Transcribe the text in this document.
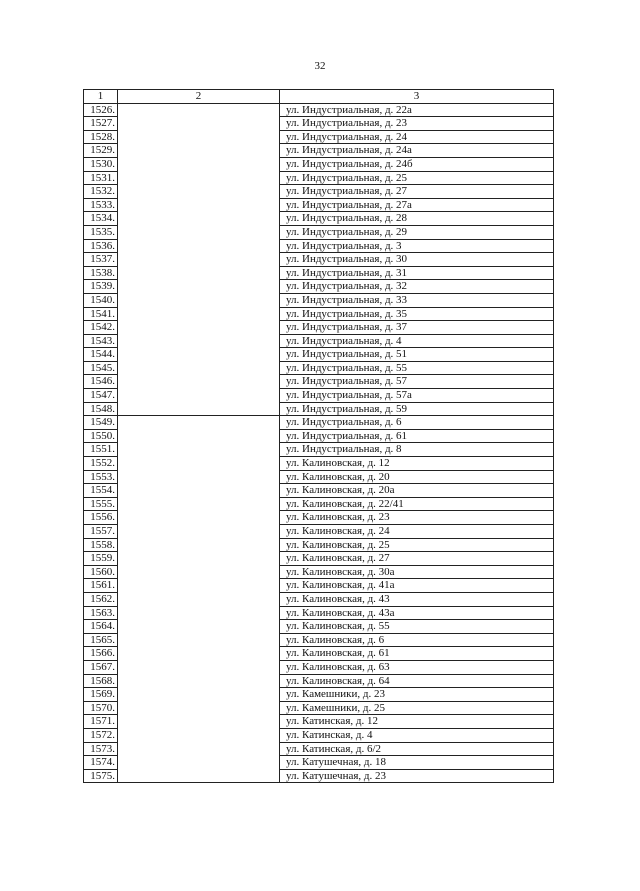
32
1	2	3
1526.		ул. Индустриальная, д. 22а
1527.		ул. Индустриальная, д. 23
1528.		ул. Индустриальная, д. 24
1529.		ул. Индустриальная, д. 24а
1530.		ул. Индустриальная, д. 24б
1531.		ул. Индустриальная, д. 25
1532.		ул. Индустриальная, д. 27
1533.		ул. Индустриальная, д. 27а
1534.		ул. Индустриальная, д. 28
1535.		ул. Индустриальная, д. 29
1536.		ул. Индустриальная, д. 3
1537.		ул. Индустриальная, д. 30
1538.		ул. Индустриальная, д. 31
1539.		ул. Индустриальная, д. 32
1540.		ул. Индустриальная, д. 33
1541.		ул. Индустриальная, д. 35
1542.		ул. Индустриальная, д. 37
1543.		ул. Индустриальная, д. 4
1544.		ул. Индустриальная, д. 51
1545.		ул. Индустриальная, д. 55
1546.		ул. Индустриальная, д. 57
1547.		ул. Индустриальная, д. 57а
1548.		ул. Индустриальная, д. 59
1549.		ул. Индустриальная, д. 6
1550.		ул. Индустриальная, д. 61
1551.		ул. Индустриальная, д. 8
1552.		ул. Калиновская, д. 12
1553.		ул. Калиновская, д. 20
1554.		ул. Калиновская, д. 20а
1555.		ул. Калиновская, д. 22/41
1556.		ул. Калиновская, д. 23
1557.		ул. Калиновская, д. 24
1558.		ул. Калиновская, д. 25
1559.		ул. Калиновская, д. 27
1560.		ул. Калиновская, д. 30а
1561.		ул. Калиновская, д. 41а
1562.		ул. Калиновская, д. 43
1563.		ул. Калиновская, д. 43а
1564.		ул. Калиновская, д. 55
1565.		ул. Калиновская, д. 6
1566.		ул. Калиновская, д. 61
1567.		ул. Калиновская, д. 63
1568.		ул. Калиновская, д. 64
1569.		ул. Камешники, д. 23
1570.		ул. Камешники, д. 25
1571.		ул. Катинская, д. 12
1572.		ул. Катинская, д. 4
1573.		ул. Катинская, д. 6/2
1574.		ул. Катушечная, д. 18
1575.		ул. Катушечная, д. 23
